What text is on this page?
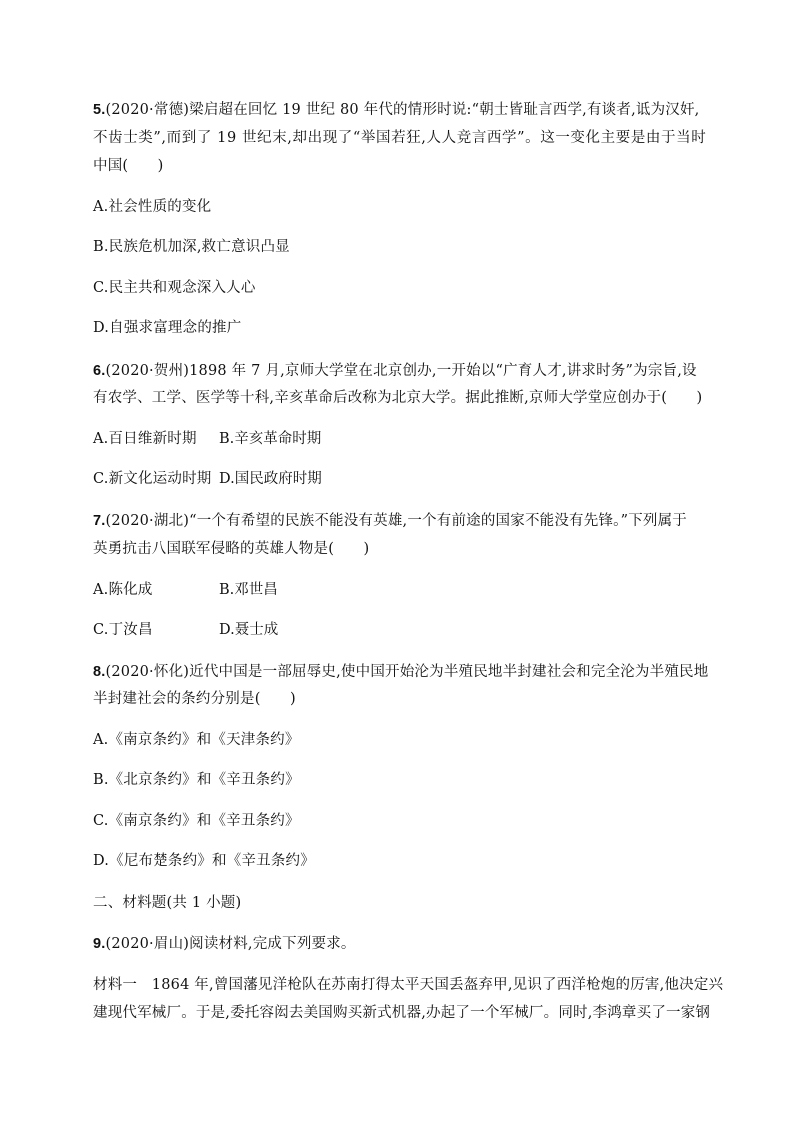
5.(2020·常德)梁启超在回忆 19 世纪 80 年代的情形时说:“朝士皆耻言西学,有谈者,诋为汉奸,
不齿士类”,而到了 19 世纪末,却出现了“举国若狂,人人竞言西学”。这一变化主要是由于当时
中国(　　)
A.社会性质的变化
B.民族危机加深,救亡意识凸显
C.民主共和观念深入人心
D.自强求富理念的推广
6.(2020·贺州)1898 年 7 月,京师大学堂在北京创办,一开始以“广育人才,讲求时务”为宗旨,设
有农学、工学、医学等十科,辛亥革命后改称为北京大学。据此推断,京师大学堂应创办于(　　)
A.百日维新时期 B.辛亥革命时期
C.新文化运动时期 D.国民政府时期
7.(2020·湖北)“一个有希望的民族不能没有英雄,一个有前途的国家不能没有先锋。”下列属于
英勇抗击八国联军侵略的英雄人物是(　　)
A.陈化成	B.邓世昌
C.丁汝昌	D.聂士成
8.(2020·怀化)近代中国是一部屈辱史,使中国开始沦为半殖民地半封建社会和完全沦为半殖民地
半封建社会的条约分别是(　　)
A.《南京条约》和《天津条约》
B.《北京条约》和《辛丑条约》
C.《南京条约》和《辛丑条约》
D.《尼布楚条约》和《辛丑条约》
二、材料题(共 1 小题)
9.(2020·眉山)阅读材料,完成下列要求。
材料一　1864 年,曾国藩见洋枪队在苏南打得太平天国丢盔弃甲,见识了西洋枪炮的厉害,他决定兴
建现代军械厂。于是,委托容闳去美国购买新式机器,办起了一个军械厂。同时,李鸿章买了一家钢
